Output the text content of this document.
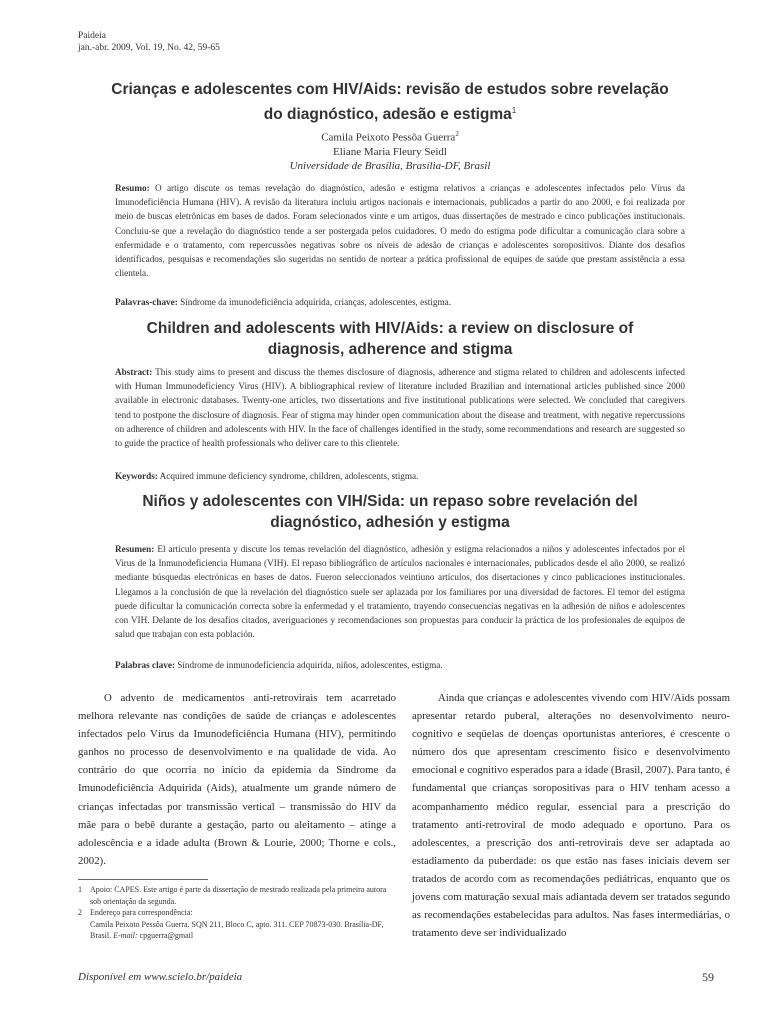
Paideia
jan.-abr. 2009, Vol. 19, No. 42, 59-65
Crianças e adolescentes com HIV/Aids: revisão de estudos sobre revelação
do diagnóstico, adesão e estigma$^1$
Camila Peixoto Pessôa Guerra$^2$
Eliane Maria Fleury Seidl
Universidade de Brasília, Brasília-DF, Brasil
Resumo: O artigo discute os temas revelação do diagnóstico, adesão e estigma relativos a crianças e adolescentes infectados pelo Vírus da Imunodeficiência Humana (HIV). A revisão da literatura incluiu artigos nacionais e internacionais, publicados a partir do ano 2000, e foi realizada por meio de buscas eletrônicas em bases de dados. Foram selecionados vinte e um artigos, duas dissertações de mestrado e cinco publicações institucionais. Concluiu-se que a revelação do diagnóstico tende a ser postergada pelos cuidadores. O medo do estigma pode dificultar a comunicação clara sobre a enfermidade e o tratamento, com repercussões negativas sobre os níveis de adesão de crianças e adolescentes soropositivos. Diante dos desafios identificados, pesquisas e recomendações são sugeridas no sentido de nortear a prática profissional de equipes de saúde que prestam assistência a essa clientela.
Palavras-chave: Síndrome da imunodeficiência adquirida, crianças, adolescentes, estigma.
Children and adolescents with HIV/Aids: a review on disclosure of
diagnosis, adherence and stigma
Abstract: This study aims to present and discuss the themes disclosure of diagnosis, adherence and stigma related to children and adolescents infected with Human Immunodeficiency Virus (HIV). A bibliographical review of literature included Brazilian and international articles published since 2000 available in electronic databases. Twenty-one articles, two dissertations and five institutional publications were selected. We concluded that caregivers tend to postpone the disclosure of diagnosis. Fear of stigma may hinder open communication about the disease and treatment, with negative repercussions on adherence of children and adolescents with HIV. In the face of challenges identified in the study, some recommendations and research are suggested so to guide the practice of health professionals who deliver care to this clientele.
Keywords: Acquired immune deficiency syndrome, children, adolescents, stigma.
Niños y adolescentes con VIH/Sida: un repaso sobre revelación del
diagnóstico, adhesión y estigma
Resumen: El artículo presenta y discute los temas revelación del diagnóstico, adhesión y estigma relacionados a niños y adolescentes infectados por el Virus de la Inmunodeficiencia Humana (VIH). El repaso bibliográfico de artículos nacionales e internacionales, publicados desde el año 2000, se realizó mediante búsquedas electrónicas en bases de datos. Fueron seleccionados veintiuno artículos, dos disertaciones y cinco publicaciones institucionales. Llegamos a la conclusión de que la revelación del diagnóstico suele ser aplazada por los familiares por una diversidad de factores. El temor del estigma puede dificultar la comunicación correcta sobre la enfermedad y el tratamiento, trayendo consecuencias negativas en la adhesión de niños e adolescentes con VIH. Delante de los desafíos citados, averiguaciones y recomendaciones son propuestas para conducir la práctica de los profesionales de equipos de salud que trabajan con esta población.
Palabras clave: Síndrome de inmunodeficiencia adquirida, niños, adolescentes, estigma.

O advento de medicamentos anti-retrovirais tem acarretado melhora relevante nas condições de saúde de crianças e adolescentes infectados pelo Vírus da Imunodeficiência Humana (HIV), permitindo ganhos no processo de desenvolvimento e na qualidade de vida. Ao contrário do que ocorria no início da epidemia da Síndrome da Imunodeficiência Adquirida (Aids), atualmente um grande número de crianças infectadas por transmissão vertical – transmissão do HIV da mãe para o bebê durante a gestação, parto ou aleitamento – atinge a adolescência e a idade adulta (Brown & Lourie, 2000; Thorne e cols., 2002).

Ainda que crianças e adolescentes vivendo com HIV/Aids possam apresentar retardo puberal, alterações no desenvolvimento neuro-cognitivo e seqüelas de doenças oportunistas anteriores, é crescente o número dos que apresentam crescimento físico e desenvolvimento emocional e cognitivo esperados para a idade (Brasil, 2007). Para tanto, é fundamental que crianças soropositivas para o HIV tenham acesso a acompanhamento médico regular, essencial para a prescrição do tratamento anti-retroviral de modo adequado e oportuno. Para os adolescentes, a prescrição dos anti-retrovirais deve ser adaptada ao estadiamento da puberdade: os que estão nas fases iniciais devem ser tratados de acordo com as recomendações pediátricas, enquanto que os jovens com maturação sexual mais adiantada devem ser tratados segundo as recomendações estabelecidas para adultos. Nas fases intermediárias, o tratamento deve ser individualizado

1	Apoio: CAPES. Este artigo é parte da dissertação de mestrado realizada pela primeira autora sob orientação da segunda.
2	Endereço para correspondência:
Camila Peixoto Pessôa Guerra. SQN 211, Bloco C, apto. 311. CEP 70873-030. Brasília-DF, Brasil. E-mail: cpguerra@gmail
Disponível em www.scielo.br/paideia	59
